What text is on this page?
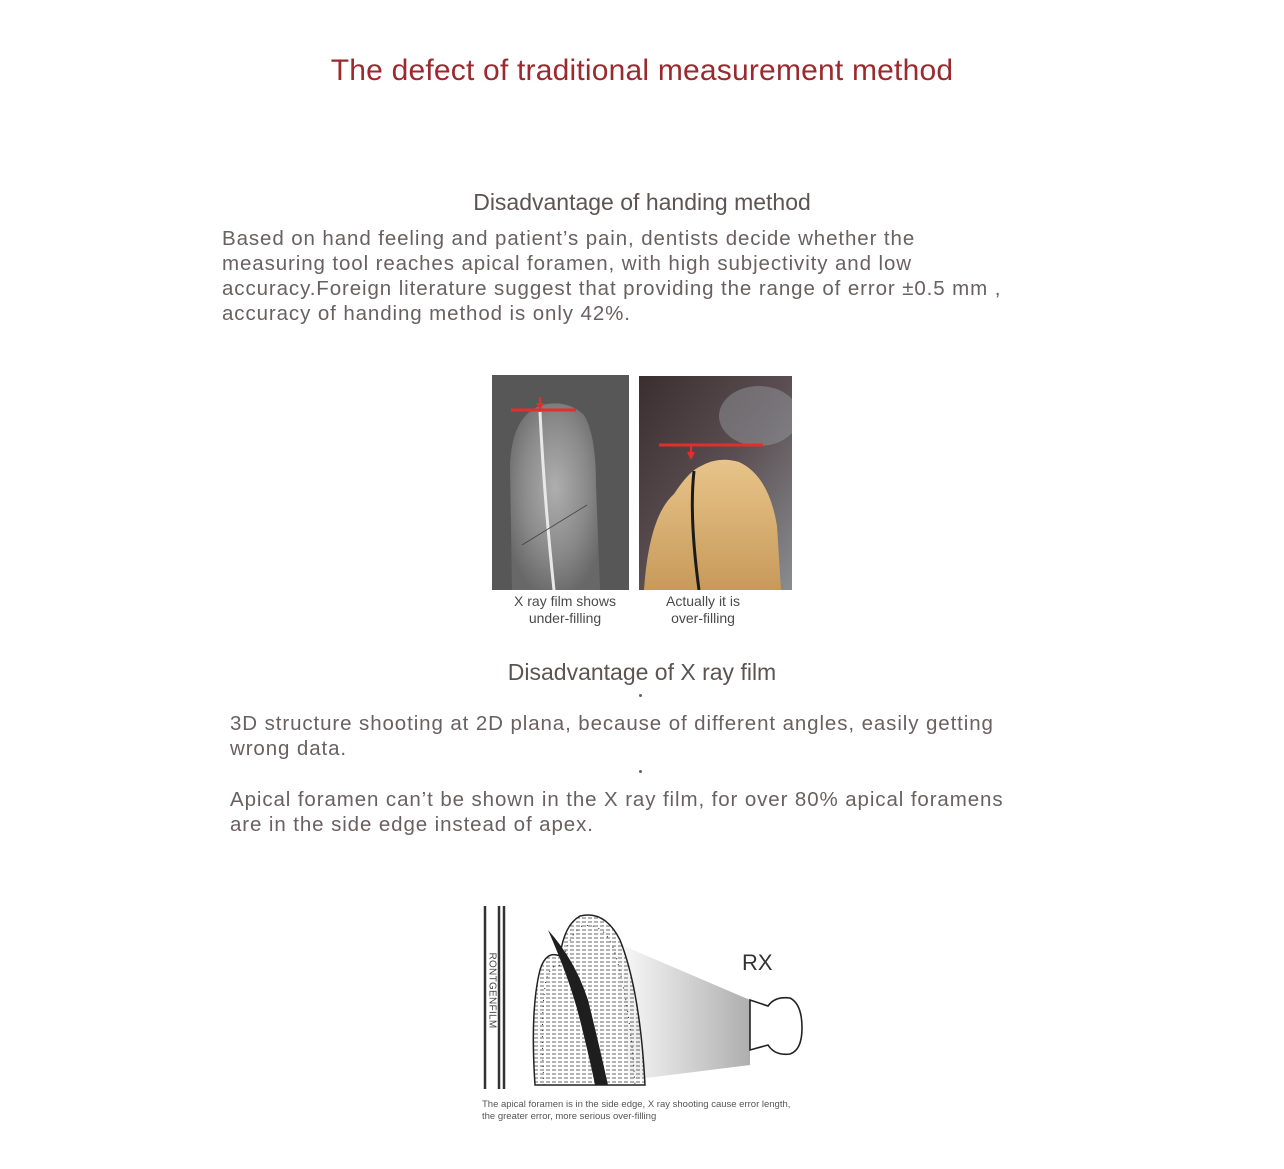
The defect of traditional measurement method
Disadvantage of handing method
Based on hand feeling and patient’s pain, dentists decide whether the
measuring tool reaches apical foramen, with high subjectivity and low
accuracy.Foreign literature suggest that providing the range of error ±0.5 mm ,
accuracy of handing method is only 42%.
X ray film shows
under-filling
Actually it is
over-filling
Disadvantage of X ray film
3D structure shooting at 2D plana, because of different angles, easily getting
wrong data.
Apical foramen can’t be shown in the X ray film, for over 80% apical foramens
are in the side edge instead of apex.
RONTGENFILM	RX
The apical foramen is in the side edge, X ray shooting cause error length,
the greater error, more serious over-filling
